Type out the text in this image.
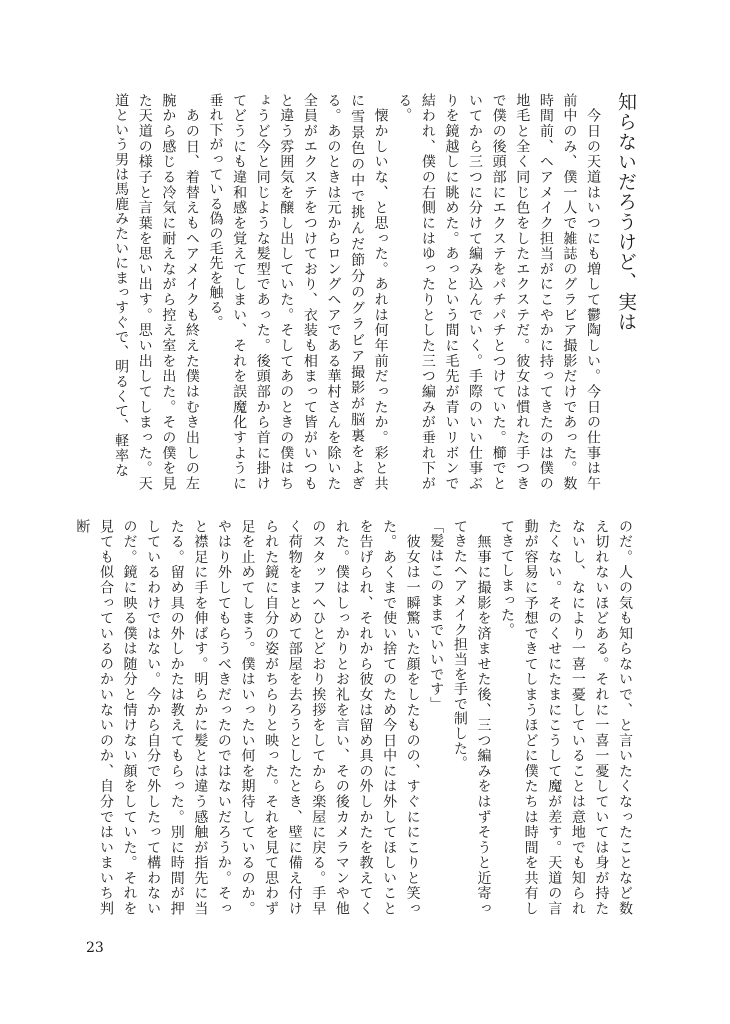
知らないだろうけど、実は
　今日の天道はいつにも増して鬱陶しい。今日の仕事は午前中のみ、僕一人で雑誌のグラビア撮影だけであった。数時間前、ヘアメイク担当がにこやかに持ってきたのは僕の地毛と全く同じ色をしたエクステだ。彼女は慣れた手つきで僕の後頭部にエクステをパチパチとつけていた。櫛でといてから三つに分けて編み込んでいく。手際のいい仕事ぶりを鏡越しに眺めた。あっという間に毛先が青いリボンで結われ、僕の右側にはゆったりとした三つ編みが垂れ下がる。
　懐かしいな、と思った。あれは何年前だったか。彩と共に雪景色の中で挑んだ節分のグラビア撮影が脳裏をよぎる。あのときは元からロングヘアである華村さんを除いた全員がエクステをつけており、衣装も相まって皆がいつもと違う雰囲気を醸し出していた。そしてあのときの僕はちょうど今と同じような髪型であった。後頭部から首に掛けてどうにも違和感を覚えてしまい、それを誤魔化すように垂れ下がっている偽の毛先を触る。
　あの日、着替えもヘアメイクも終えた僕はむき出しの左腕から感じる冷気に耐えながら控え室を出た。その僕を見た天道の様子と言葉を思い出す。思い出してしまった。天道という男は馬鹿みたいにまっすぐで、明るくて、軽率な
のだ。人の気も知らないで、と言いたくなったことなど数え切れないほどある。それに一喜一憂していては身が持たないし、なにより一喜一憂していることは意地でも知られたくない。そのくせにたまにこうして魔が差す。天道の言動が容易に予想できてしまうほどに僕たちは時間を共有してきてしまった。
　無事に撮影を済ませた後、三つ編みをはずそうと近寄ってきたヘアメイク担当を手で制した。
「髪はこのままでいいです」
　彼女は一瞬驚いた顔をしたものの、すぐににこりと笑った。あくまで使い捨てのため今日中には外してほしいことを告げられ、それから彼女は留め具の外しかたを教えてくれた。僕はしっかりとお礼を言い、その後カメラマンや他のスタッフへひとどおり挨拶をしてから楽屋に戻る。手早く荷物をまとめて部屋を去ろうとしたとき、壁に備え付けられた鏡に自分の姿がちらりと映った。それを見て思わず足を止めてしまう。僕はいったい何を期待しているのか。やはり外してもらうべきだったのではないだろうか。そっと襟足に手を伸ばす。明らかに髪とは違う感触が指先に当たる。留め具の外しかたは教えてもらった。別に時間が押しているわけではない。今から自分で外したって構わないのだ。鏡に映る僕は随分と情けない顔をしていた。それを見ても似合っているのかいないのか、自分ではいまいち判断
23
